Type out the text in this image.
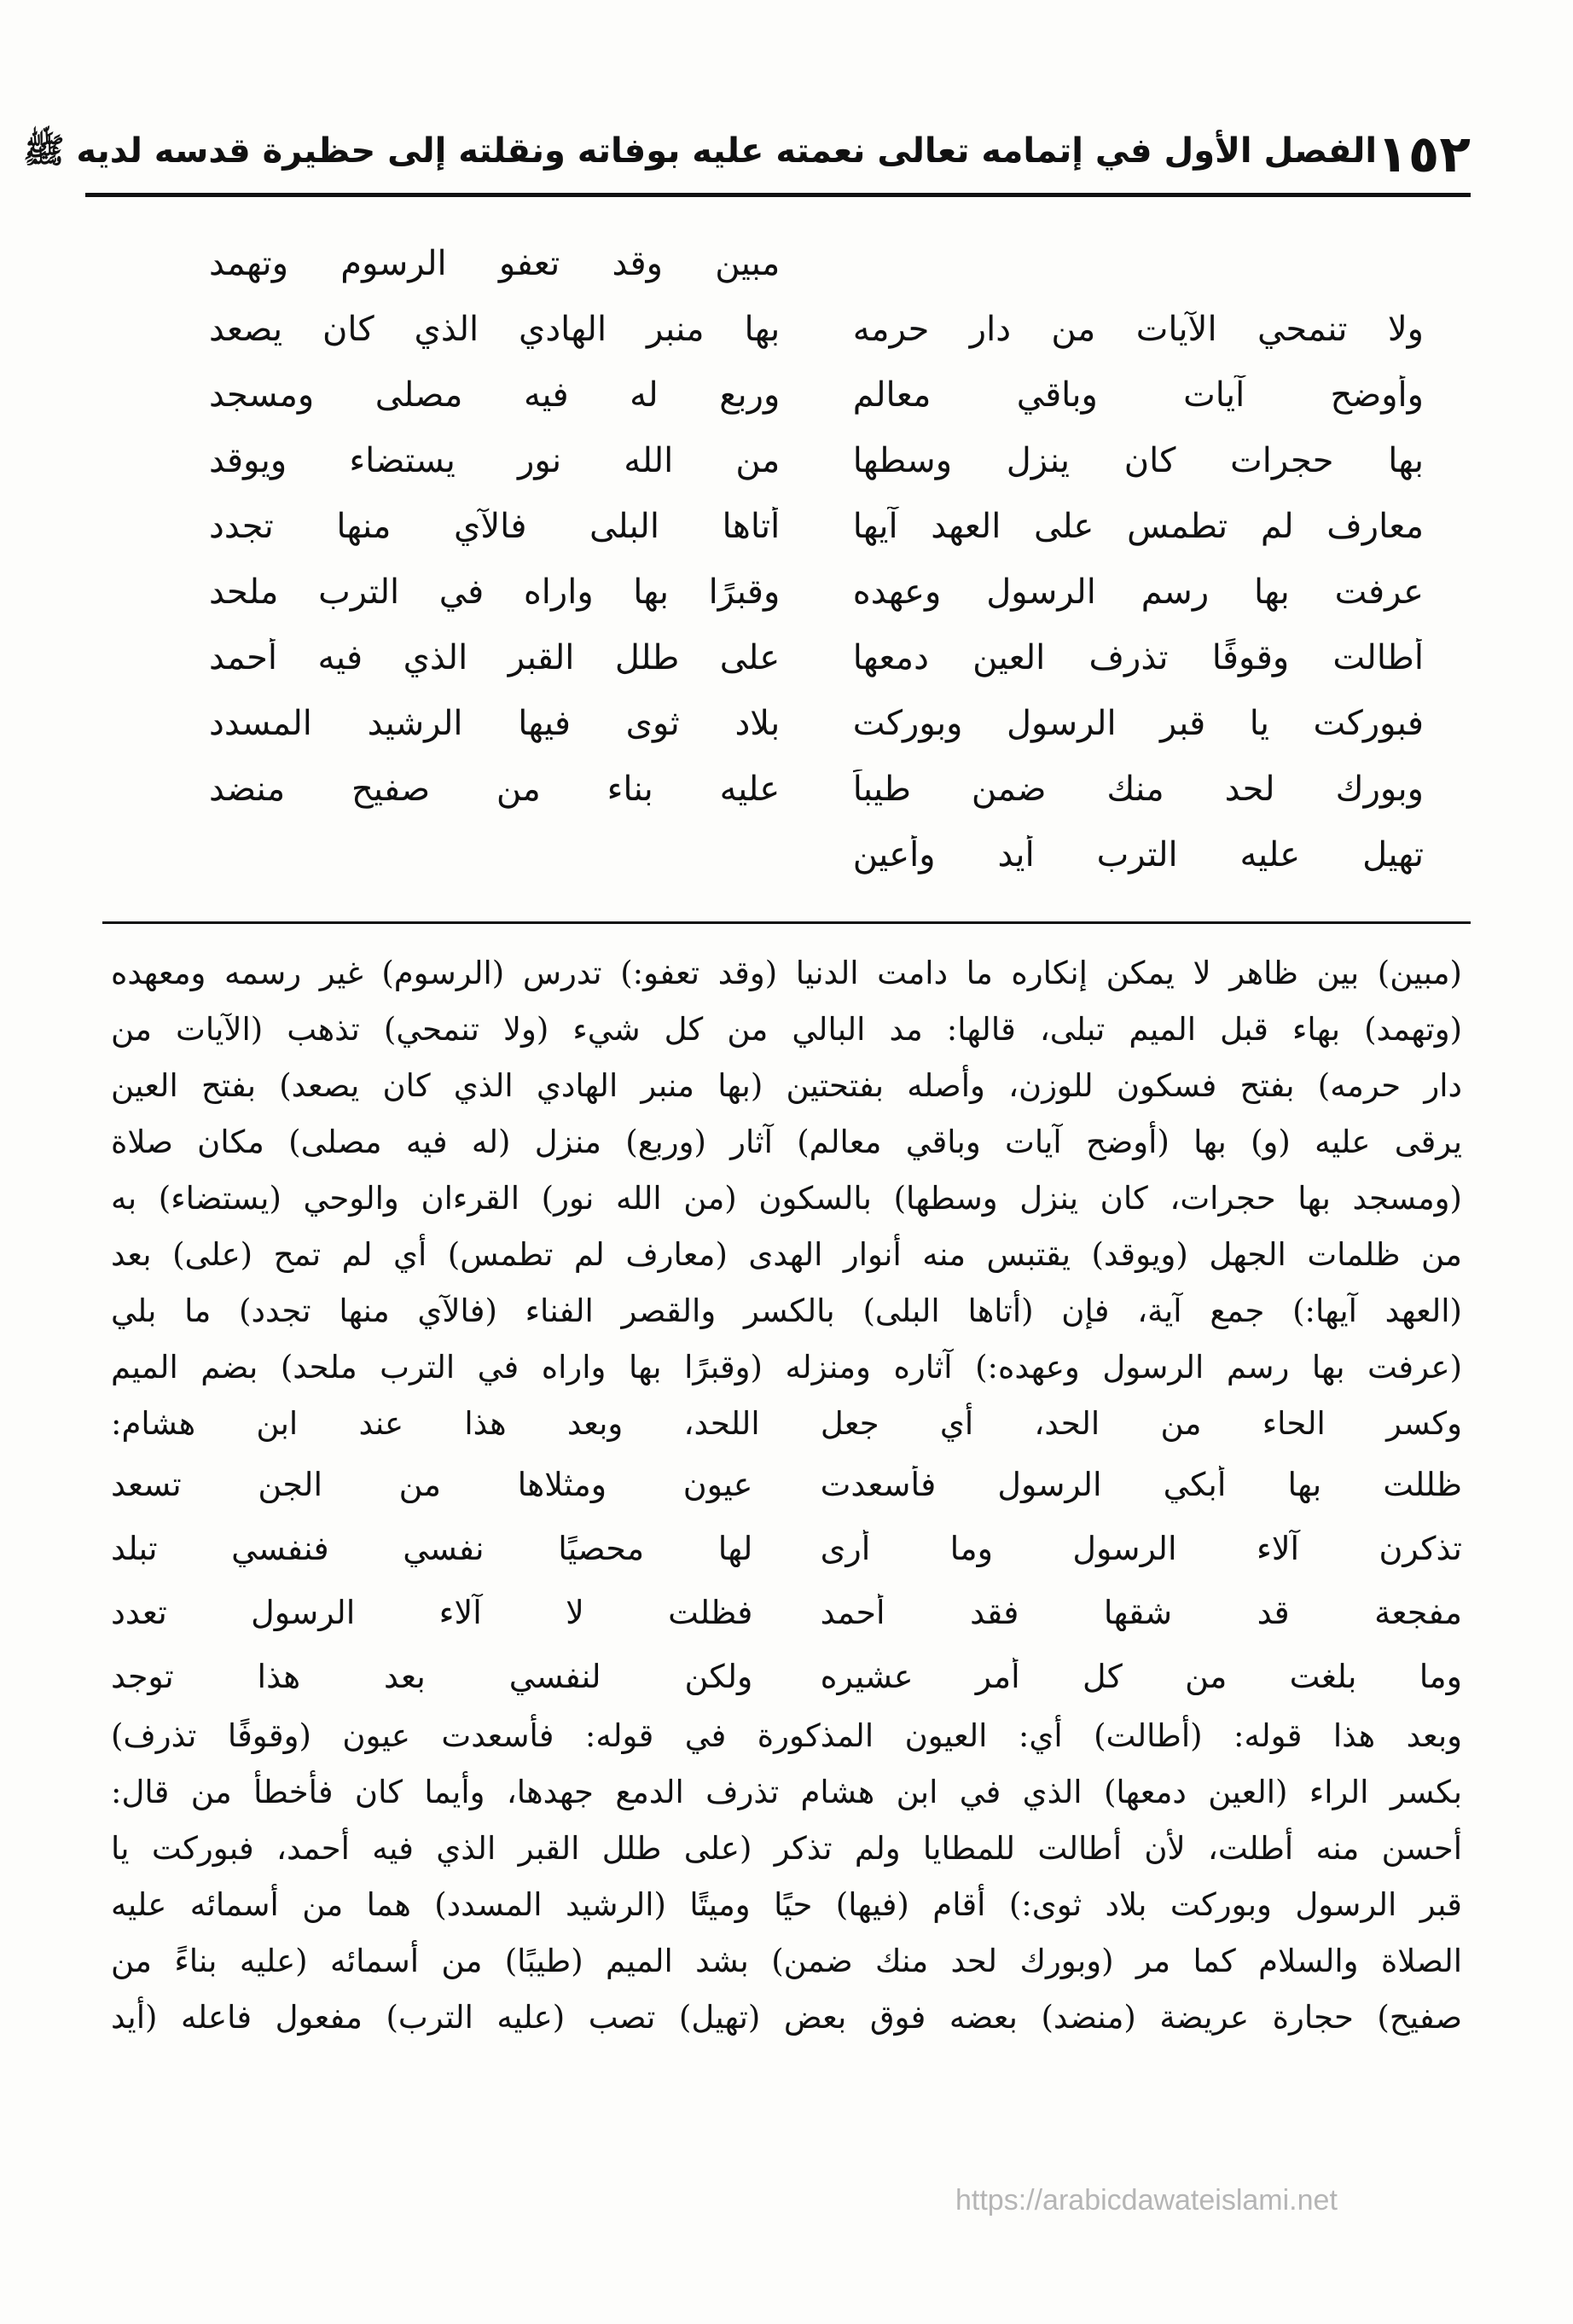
١٥٢
الفصل الأول في إتمامه تعالى نعمته عليه بوفاته ونقلته إلى حظيرة قدسه لديه ﷺ
مبين وقد تعفو الرسوم وتهمد
ولا تنمحي الآيات من دار حرمه
بها منبر الهادي الذي كان يصعد
وأوضح آيات وباقي معالم
وربع له فيه مصلى ومسجد
بها حجرات كان ينزل وسطها
من الله نور يستضاء ويوقد
معارف لم تطمس على العهد آيها
أتاها البلى فالآي منها تجدد
عرفت بها رسم الرسول وعهده
وقبرًا بها واراه في الترب ملحد
أطالت وقوفًا تذرف العين دمعها
على طلل القبر الذي فيه أحمد
فبوركت يا قبر الرسول وبوركت
بلاد ثوى فيها الرشيد المسدد
وبورك لحد منك ضمن طيباً
عليه بناء من صفيح منضد
تهيل عليه الترب أيد وأعين
(مبين) بين ظاهر لا يمكن إنكاره ما دامت الدنيا (وقد تعفو:) تدرس (الرسوم) غير رسمه ومعهده
(وتهمد) بهاء قبل الميم تبلى، قالها: مد البالي من كل شيء (ولا تنمحي) تذهب (الآيات من
دار حرمه) بفتح فسكون للوزن، وأصله بفتحتين (بها منبر الهادي الذي كان يصعد) بفتح العين
يرقى عليه (و) بها (أوضح آيات وباقي معالم) آثار (وربع) منزل (له فيه مصلى) مكان صلاة
(ومسجد بها حجرات، كان ينزل وسطها) بالسكون (من الله نور) القرءان والوحي (يستضاء) به
من ظلمات الجهل (ويوقد) يقتبس منه أنوار الهدى (معارف لم تطمس) أي لم تمح (على) بعد
(العهد آيها:) جمع آية، فإن (أتاها البلى) بالكسر والقصر الفناء (فالآي منها تجدد) ما بلي
(عرفت بها رسم الرسول وعهده:) آثاره ومنزله (وقبرًا بها واراه في الترب ملحد) بضم الميم
وكسر الحاء من الحد، أي جعل اللحد، وبعد هذا عند ابن هشام:
ظللت بها أبكي الرسول فأسعدت
عيون ومثلاها من الجن تسعد
تذكرن آلاء الرسول وما أرى
لها محصيًا نفسي فنفسي تبلد
مفجعة قد شقها فقد أحمد
فظلت لا آلاء الرسول تعدد
وما بلغت من كل أمر عشيره
ولكن لنفسي بعد هذا توجد
وبعد هذا قوله: (أطالت) أي: العيون المذكورة في قوله: فأسعدت عيون (وقوفًا تذرف)
بكسر الراء (العين دمعها) الذي في ابن هشام تذرف الدمع جهدها، وأيما كان فأخطأ من قال:
أحسن منه أطلت، لأن أطالت للمطايا ولم تذكر (على طلل القبر الذي فيه أحمد، فبوركت يا
قبر الرسول وبوركت بلاد ثوى:) أقام (فيها) حيًا وميتًا (الرشيد المسدد) هما من أسمائه عليه
الصلاة والسلام كما مر (وبورك لحد منك ضمن) بشد الميم (طيبًا) من أسمائه (عليه بناءً من
صفيح) حجارة عريضة (منضد) بعضه فوق بعض (تهيل) تصب (عليه الترب) مفعول فاعله (أيد
https://arabicdawateislami.net
